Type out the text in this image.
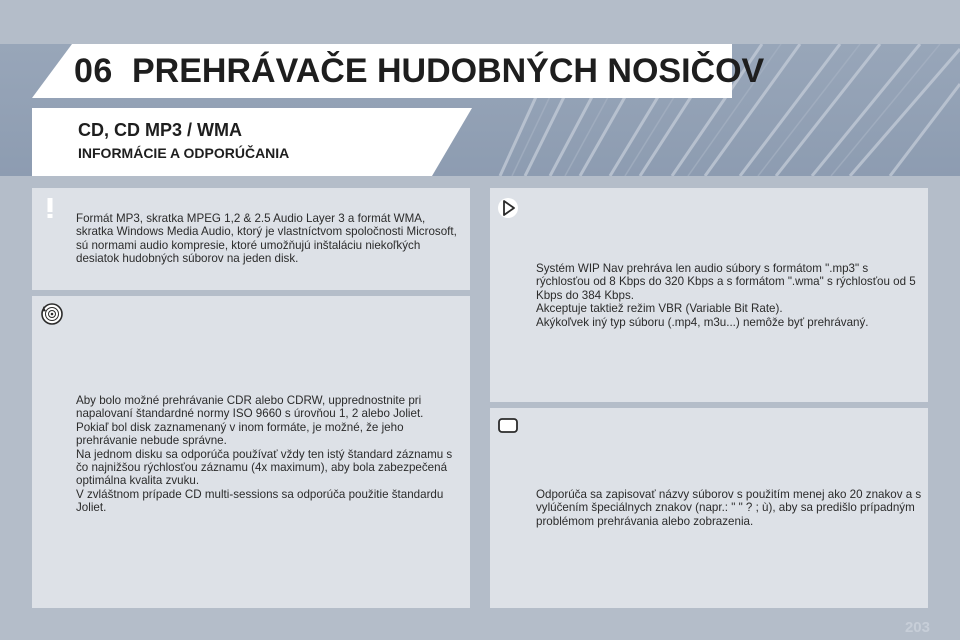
06 PREHRÁVAČE HUDOBNÝCH NOSIČOV
CD, CD MP3 / WMA
INFORMÁCIE A ODPORÚČANIA

Formát MP3, skratka MPEG 1,2 & 2.5 Audio Layer 3 a formát WMA, skratka Windows Media Audio, ktorý je vlastníctvom spoločnosti Microsoft, sú normami audio kompresie, ktoré umožňujú inštaláciu niekoľkých desiatok hudobných súborov na jeden disk.

Aby bolo možné prehrávanie CDR alebo CDRW, upprednostnite pri napalovaní štandardné normy ISO 9660 s úrovňou 1, 2 alebo Joliet.
Pokiaľ bol disk zaznamenaný v inom formáte, je možné, že jeho prehrávanie nebude správne.
Na jednom disku sa odporúča používať vždy ten istý štandard záznamu s čo najnižšou rýchlosťou záznamu (4x maximum), aby bola zabezpečená optimálna kvalita zvuku.
V zvláštnom prípade CD multi-sessions sa odporúča použitie štandardu Joliet.

Systém WIP Nav prehráva len audio súbory s formátom ".mp3" s rýchlosťou od 8 Kbps do 320 Kbps a s formátom ".wma" s rýchlosťou od 5 Kbps do 384 Kbps.
Akceptuje taktiež režim VBR (Variable Bit Rate).
Akýkoľvek iný typ súboru (.mp4, m3u...) nemôže byť prehrávaný.

Odporúča sa zapisovať názvy súborov s použitím menej ako 20 znakov a s vylúčením špeciálnych znakov (napr.: " " ? ; ù), aby sa predišlo prípadným problémom prehrávania alebo zobrazenia.

203
